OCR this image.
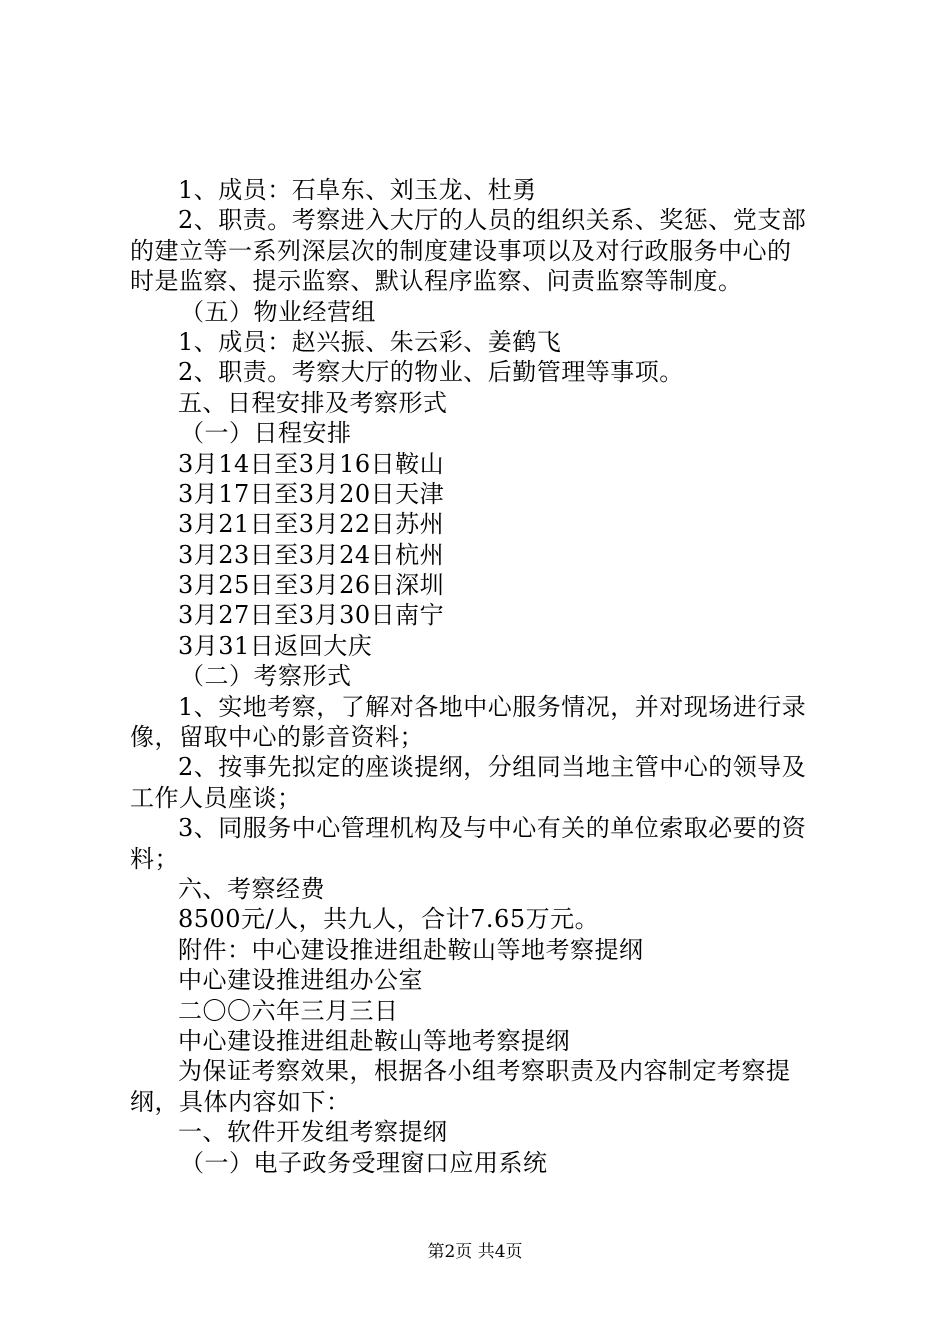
1、成员：石阜东、刘玉龙、杜勇
2、职责。考察进入大厅的人员的组织关系、奖惩、党支部
的建立等一系列深层次的制度建设事项以及对行政服务中心的
时是监察、提示监察、默认程序监察、问责监察等制度。
（五）物业经营组
1、成员：赵兴振、朱云彩、姜鹤飞
2、职责。考察大厅的物业、后勤管理等事项。
五、日程安排及考察形式
（一）日程安排
3月14日至3月16日鞍山
3月17日至3月20日天津
3月21日至3月22日苏州
3月23日至3月24日杭州
3月25日至3月26日深圳
3月27日至3月30日南宁
3月31日返回大庆
（二）考察形式
1、实地考察，了解对各地中心服务情况，并对现场进行录
像，留取中心的影音资料；
2、按事先拟定的座谈提纲，分组同当地主管中心的领导及
工作人员座谈；
3、同服务中心管理机构及与中心有关的单位索取必要的资
料；
六、考察经费
8500元/人，共九人，合计7.65万元。
附件：中心建设推进组赴鞍山等地考察提纲
中心建设推进组办公室
二〇〇六年三月三日
中心建设推进组赴鞍山等地考察提纲
为保证考察效果，根据各小组考察职责及内容制定考察提
纲，具体内容如下：
一、软件开发组考察提纲
（一）电子政务受理窗口应用系统
第2页 共4页
